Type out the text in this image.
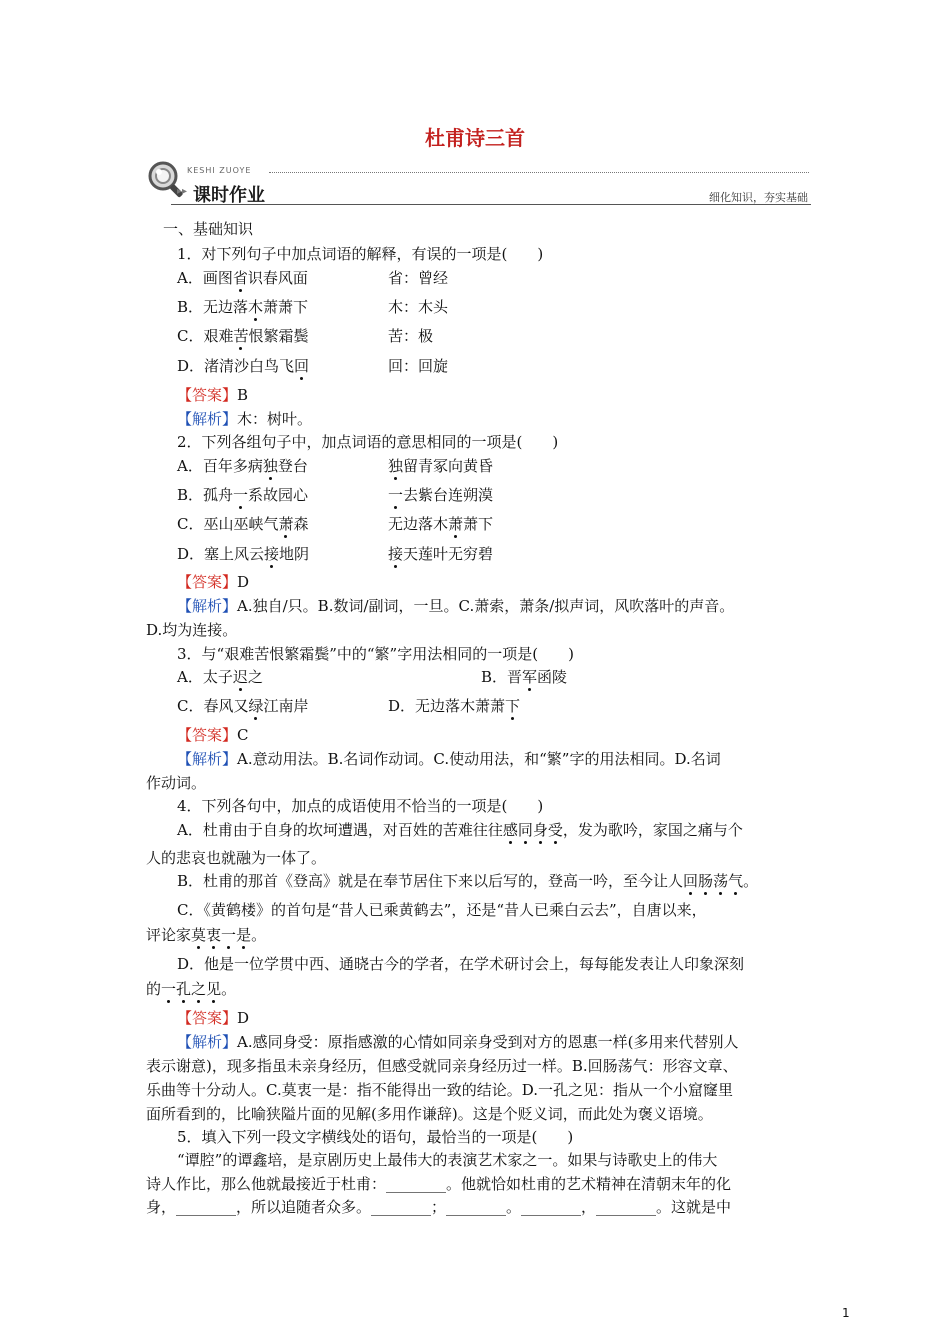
杜甫诗三首
KESHI ZUOYE
▸▸ 课时作业	细化知识，夯实基础
一、基础知识
1．对下列句子中加点词语的解释，有误的一项是(　　)
A．画图省识春风面	省：曾经
B．无边落木萧萧下	木：木头
C．艰难苦恨繁霜鬓	苦：极
D．渚清沙白鸟飞回	回：回旋
【答案】B
【解析】木：树叶。
2．下列各组句子中，加点词语的意思相同的一项是(　　)
A．百年多病独登台	独留青冢向黄昏
B．孤舟一系故园心	一去紫台连朔漠
C．巫山巫峡气萧森	无边落木萧萧下
D．塞上风云接地阴	接天莲叶无穷碧
【答案】D
【解析】A.独自/只。B.数词/副词，一旦。C.萧索，萧条/拟声词，风吹落叶的声音。
D.均为连接。
3．与“艰难苦恨繁霜鬓”中的“繁”字用法相同的一项是(　　)
A．太子迟之	B．晋军函陵
C．春风又绿江南岸	D．无边落木萧萧下
【答案】C
【解析】A.意动用法。B.名词作动词。C.使动用法，和“繁”字的用法相同。D.名词
作动词。
4．下列各句中，加点的成语使用不恰当的一项是(　　)
A．杜甫由于自身的坎坷遭遇，对百姓的苦难往往感同身受，发为歌吟，家国之痛与个
人的悲哀也就融为一体了。
B．杜甫的那首《登高》就是在奉节居住下来以后写的，登高一吟，至今让人回肠荡气。
C．《黄鹤楼》的首句是“昔人已乘黄鹤去”，还是“昔人已乘白云去”，自唐以来，
评论家莫衷一是。
D．他是一位学贯中西、通晓古今的学者，在学术研讨会上，每每能发表让人印象深刻
的一孔之见。
【答案】D
【解析】A.感同身受：原指感激的心情如同亲身受到对方的恩惠一样(多用来代替别人
表示谢意)，现多指虽未亲身经历，但感受就同亲身经历过一样。B.回肠荡气：形容文章、
乐曲等十分动人。C.莫衷一是：指不能得出一致的结论。D.一孔之见：指从一个小窟窿里
面所看到的，比喻狭隘片面的见解(多用作谦辞)。这是个贬义词，而此处为褒义语境。
5．填入下列一段文字横线处的语句，最恰当的一项是(　　)
“谭腔”的谭鑫培，是京剧历史上最伟大的表演艺术家之一。如果与诗歌史上的伟大
诗人作比，那么他就最接近于杜甫：________。他就恰如杜甫的艺术精神在清朝末年的化
身，________，所以追随者众多。________；________。________，________。这就是中
1
